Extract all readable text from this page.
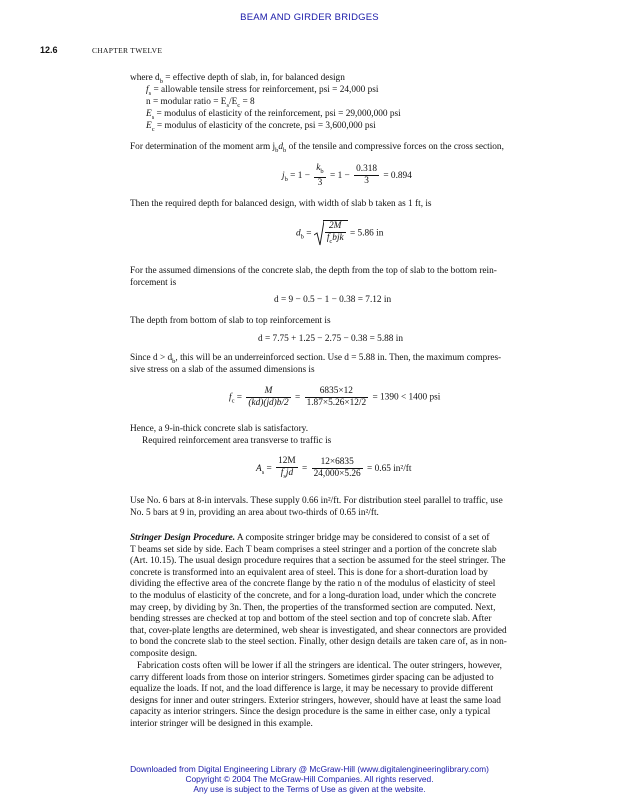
BEAM AND GIRDER BRIDGES
12.6	CHAPTER TWELVE
where $d_b$ = effective depth of slab, in, for balanced design
$f_s$ = allowable tensile stress for reinforcement, psi = 24,000 psi
n = modular ratio = $E_s/E_c = 8$
$E_s$ = modulus of elasticity of the reinforcement, psi = 29,000,000 psi
$E_c$ = modulus of elasticity of the concrete, psi = 3,600,000 psi
For determination of the moment arm $j_bd_b$ of the tensile and compressive forces on the cross section,
$j_b = 1 - \frac{k_b}{3} = 1 - \frac{0.318}{3} = 0.894$
Then the required depth for balanced design, with width of slab b taken as 1 ft, is
$d_b = \frac{2M}{f_cbjk} = 5.86$ in
For the assumed dimensions of the concrete slab, the depth from the top of slab to the bottom rein-
forcement is
d = 9 − 0.5 − 1 − 0.38 = 7.12 in
The depth from bottom of slab to top reinforcement is
d = 7.75 + 1.25 − 2.75 − 0.38 = 5.88 in
Since $d > d_b$, this will be an underreinforced section. Use d = 5.88 in. Then, the maximum compres-
sive stress on a slab of the assumed dimensions is
$f_c = \frac{M}{(kd)(jd)b/2} = \frac{6835\times 12}{1.87\times 5.26\times 12/2} = 1390 < 1400$ psi
Hence, a 9-in-thick concrete slab is satisfactory.
Required reinforcement area transverse to traffic is
$A_s = \frac{12M}{f_sjd} = \frac{12\times 6835}{24,000\times 5.26} = 0.65$ in²/ft
Use No. 6 bars at 8-in intervals. These supply 0.66 in²/ft. For distribution steel parallel to traffic, use
No. 5 bars at 9 in, providing an area about two-thirds of 0.65 in²/ft.
Stringer Design Procedure. A composite stringer bridge may be considered to consist of a set of
T beams set side by side. Each T beam comprises a steel stringer and a portion of the concrete slab
(Art. 10.15). The usual design procedure requires that a section be assumed for the steel stringer. The
concrete is transformed into an equivalent area of steel. This is done for a short-duration load by
dividing the effective area of the concrete flange by the ratio n of the modulus of elasticity of steel
to the modulus of elasticity of the concrete, and for a long-duration load, under which the concrete
may creep, by dividing by 3n. Then, the properties of the transformed section are computed. Next,
bending stresses are checked at top and bottom of the steel section and top of concrete slab. After
that, cover-plate lengths are determined, web shear is investigated, and shear connectors are provided
to bond the concrete slab to the steel section. Finally, other design details are taken care of, as in non-
composite design.
Fabrication costs often will be lower if all the stringers are identical. The outer stringers, however,
carry different loads from those on interior stringers. Sometimes girder spacing can be adjusted to
equalize the loads. If not, and the load difference is large, it may be necessary to provide different
designs for inner and outer stringers. Exterior stringers, however, should have at least the same load
capacity as interior stringers. Since the design procedure is the same in either case, only a typical
interior stringer will be designed in this example.
Downloaded from Digital Engineering Library @ McGraw-Hill (www.digitalengineeringlibrary.com)
Copyright © 2004 The McGraw-Hill Companies. All rights reserved.
Any use is subject to the Terms of Use as given at the website.
